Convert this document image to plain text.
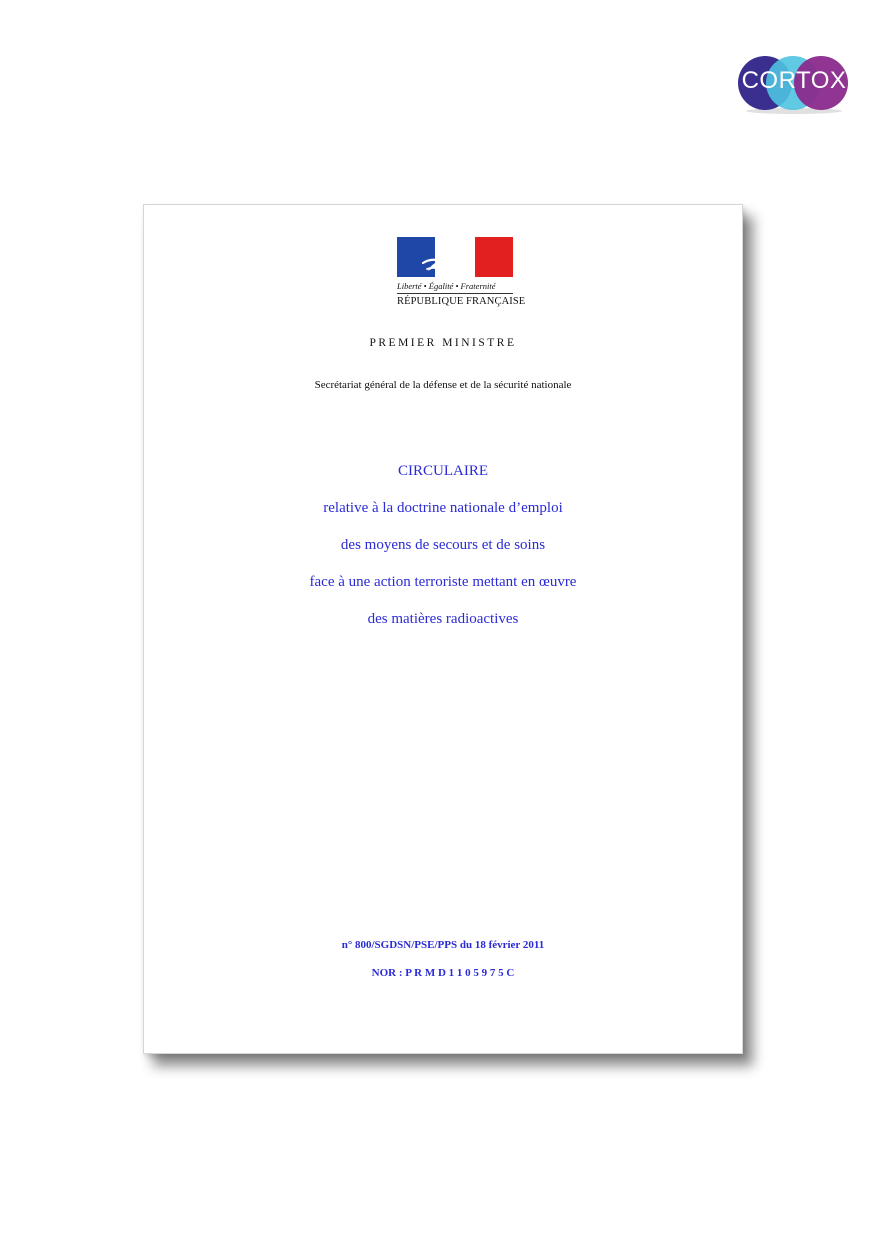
CORTOX
Liberté • Égalité • Fraternité
RÉPUBLIQUE FRANÇAISE
PREMIER MINISTRE
Secrétariat général de la défense et de la sécurité nationale
CIRCULAIRE
relative à la doctrine nationale d’emploi
des moyens de secours et de soins
face à une action terroriste mettant en œuvre
des matières radioactives
n° 800/SGDSN/PSE/PPS du 18 février 2011
NOR : P R M D 1 1 0 5 9 7 5 C
